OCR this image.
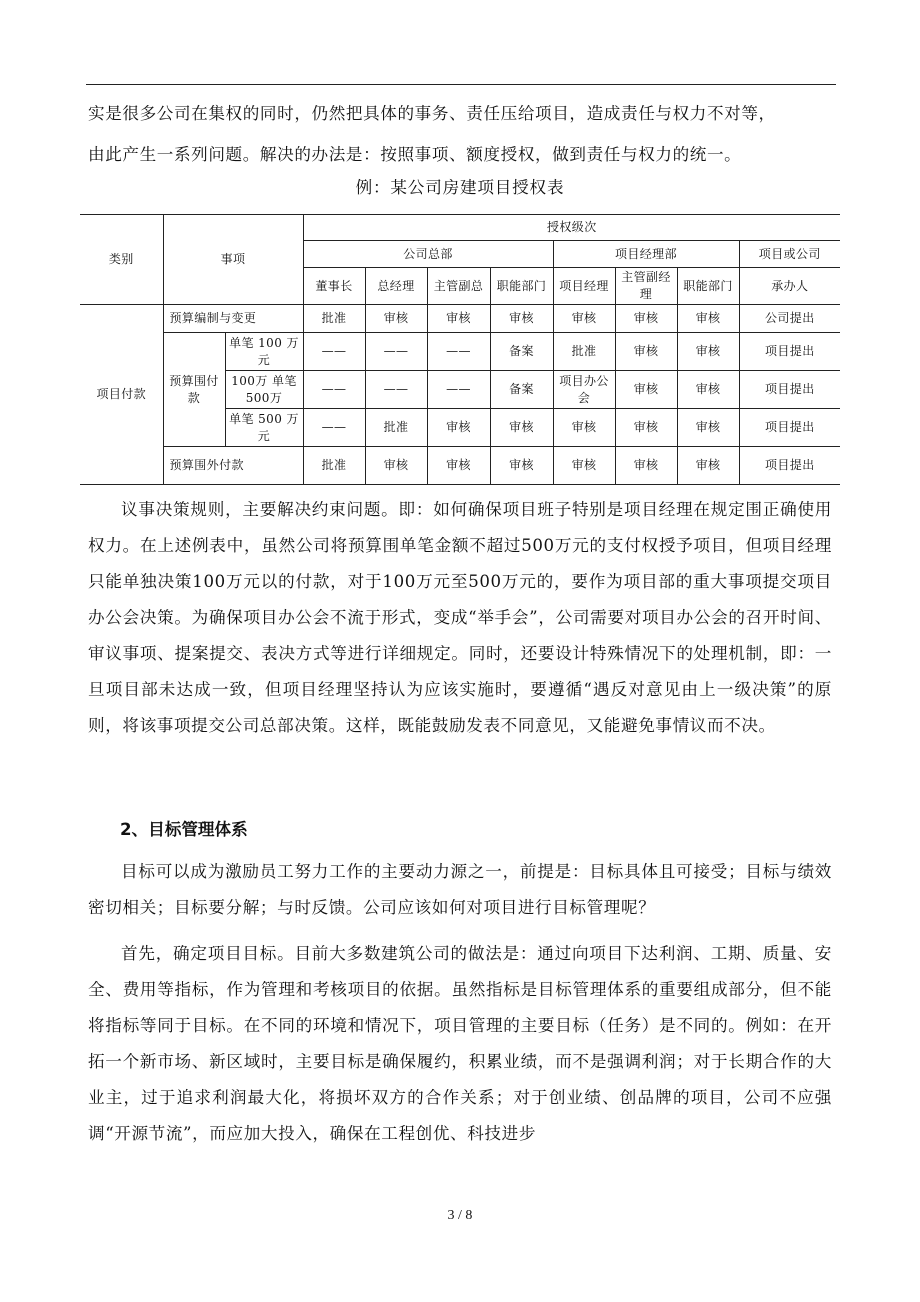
实是很多公司在集权的同时，仍然把具体的事务、责任压给项目，造成责任与权力不对等，

由此产生一系列问题。解决的办法是：按照事项、额度授权，做到责任与权力的统一。

例：某公司房建项目授权表
类别	事项		授权级次							
			公司总部				项目经理部			项目或公司
			董事长	总经理	主管副总	职能部门	项目经理	主管副经理	职能部门	承办人
项目付款	预算编制与变更		批准	审核	审核	审核	审核	审核	审核	公司提出
	预算围付款	单笔 100 万元	——	——	——	备案	批准	审核	审核	项目提出
		100万 单笔 500万	——	——	——	备案	项目办公会	审核	审核	项目提出
		单笔 500 万元	——	批准	审核	审核	审核	审核	审核	项目提出
	预算围外付款		批准	审核	审核	审核	审核	审核	审核	项目提出

议事决策规则，主要解决约束问题。即：如何确保项目班子特别是项目经理在规定围正确使用权力。在上述例表中，虽然公司将预算围单笔金额不超过500万元的支付权授予项目，但项目经理只能单独决策100万元以的付款，对于100万元至500万元的，要作为项目部的重大事项提交项目办公会决策。为确保项目办公会不流于形式，变成“举手会”，公司需要对项目办公会的召开时间、审议事项、提案提交、表决方式等进行详细规定。同时，还要设计特殊情况下的处理机制，即：一旦项目部未达成一致，但项目经理坚持认为应该实施时，要遵循“遇反对意见由上一级决策”的原则，将该事项提交公司总部决策。这样，既能鼓励发表不同意见，又能避免事情议而不决。

2、目标管理体系

目标可以成为激励员工努力工作的主要动力源之一，前提是：目标具体且可接受；目标与绩效密切相关；目标要分解；与时反馈。公司应该如何对项目进行目标管理呢？

首先，确定项目目标。目前大多数建筑公司的做法是：通过向项目下达利润、工期、质量、安全、费用等指标，作为管理和考核项目的依据。虽然指标是目标管理体系的重要组成部分，但不能将指标等同于目标。在不同的环境和情况下，项目管理的主要目标（任务）是不同的。例如：在开拓一个新市场、新区域时，主要目标是确保履约，积累业绩，而不是强调利润；对于长期合作的大业主，过于追求利润最大化，将损坏双方的合作关系；对于创业绩、创品牌的项目，公司不应强调“开源节流”，而应加大投入，确保在工程创优、科技进步

3 / 8
